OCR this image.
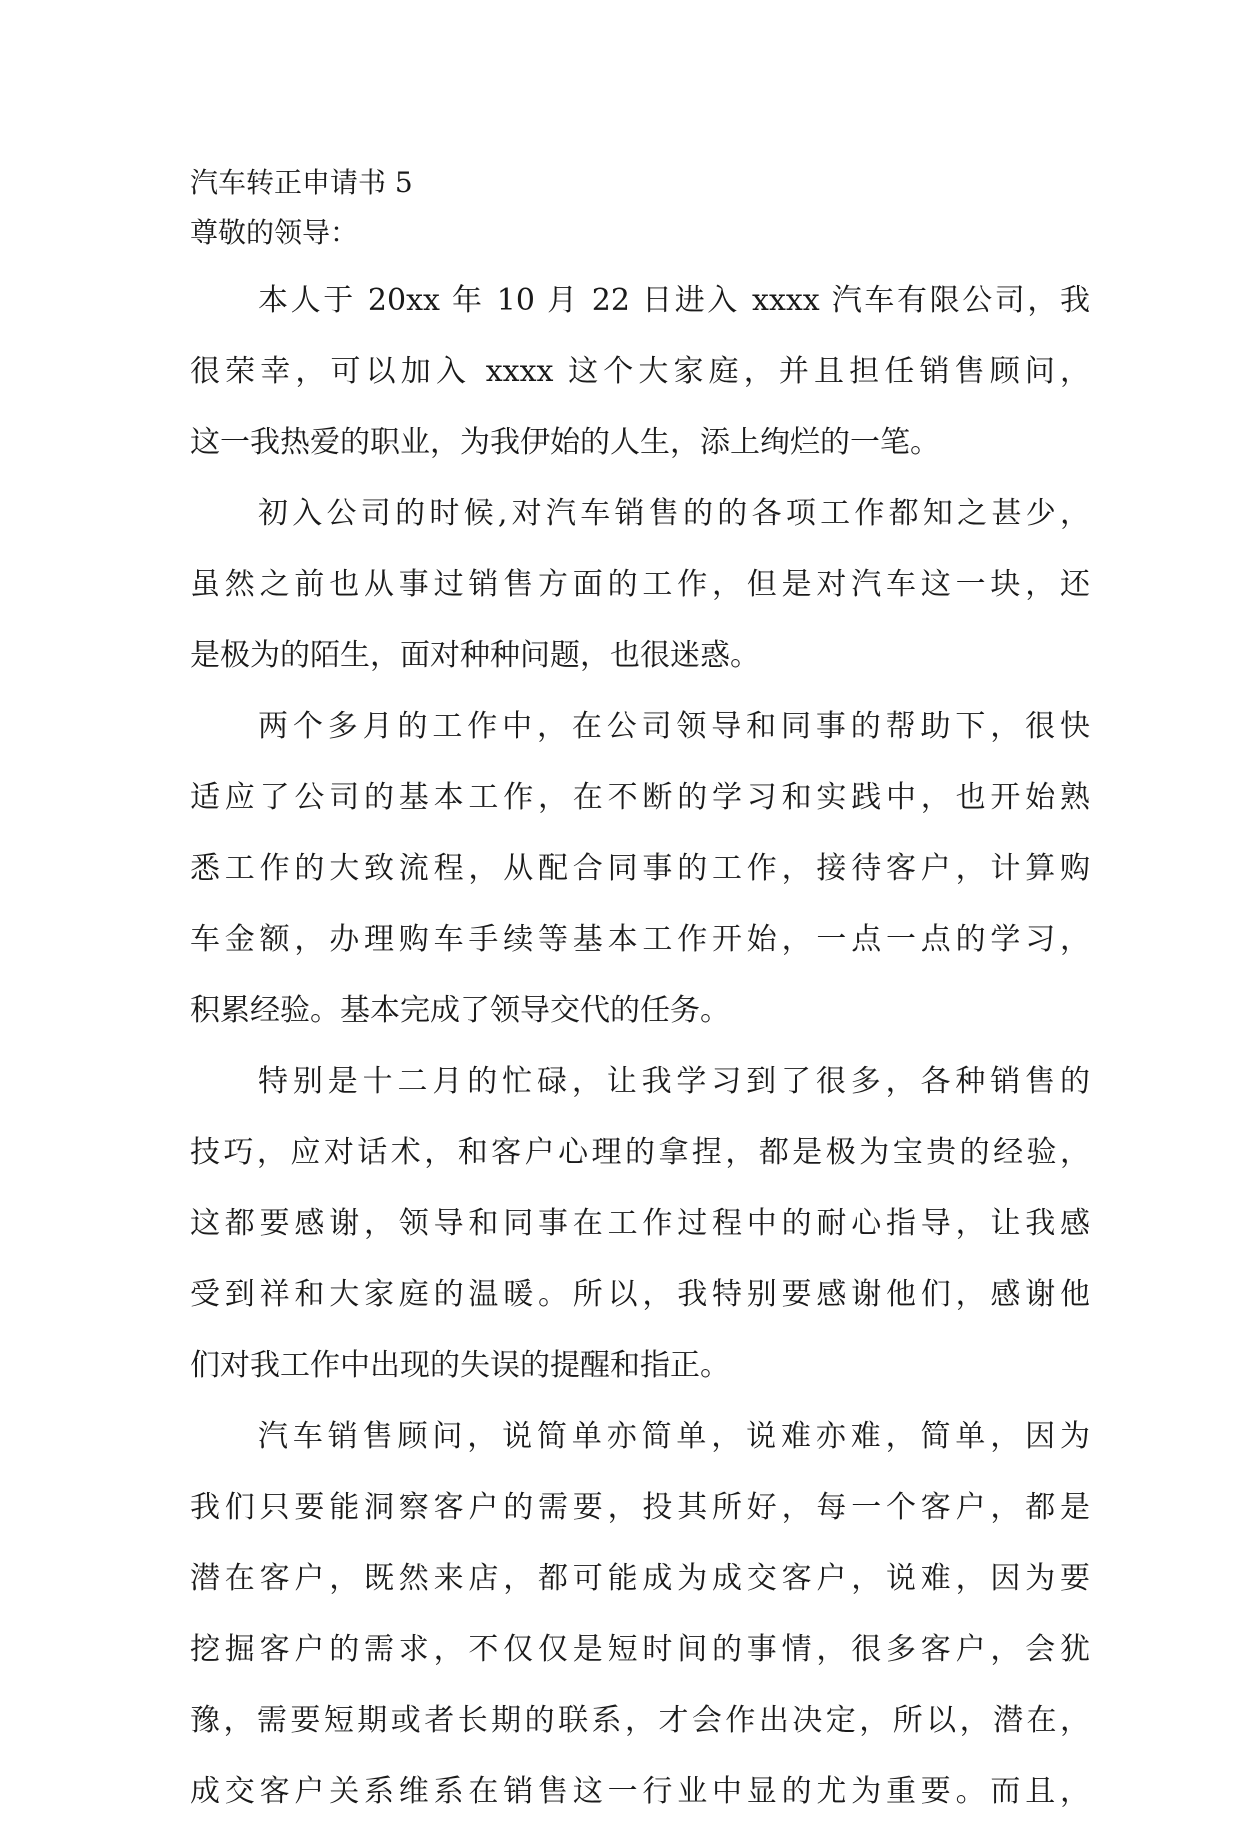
汽车转正申请书 5
尊敬的领导：
本人于 20xx 年 10 月 22 日进入 xxxx 汽车有限公司，我
很荣幸，可以加入 xxxx 这个大家庭，并且担任销售顾问，
这一我热爱的职业，为我伊始的人生，添上绚烂的一笔。
初入公司的时候,对汽车销售的的各项工作都知之甚少，
虽然之前也从事过销售方面的工作，但是对汽车这一块，还
是极为的陌生，面对种种问题，也很迷惑。
两个多月的工作中，在公司领导和同事的帮助下，很快
适应了公司的基本工作，在不断的学习和实践中，也开始熟
悉工作的大致流程，从配合同事的工作，接待客户，计算购
车金额，办理购车手续等基本工作开始，一点一点的学习，
积累经验。基本完成了领导交代的任务。
特别是十二月的忙碌，让我学习到了很多，各种销售的
技巧，应对话术，和客户心理的拿捏，都是极为宝贵的经验，
这都要感谢，领导和同事在工作过程中的耐心指导，让我感
受到祥和大家庭的温暖。所以，我特别要感谢他们，感谢他
们对我工作中出现的失误的提醒和指正。
汽车销售顾问，说简单亦简单，说难亦难，简单，因为
我们只要能洞察客户的需要，投其所好，每一个客户，都是
潜在客户，既然来店，都可能成为成交客户，说难，因为要
挖掘客户的需求，不仅仅是短时间的事情，很多客户，会犹
豫，需要短期或者长期的联系，才会作出决定，所以，潜在，
成交客户关系维系在销售这一行业中显的尤为重要。而且，
